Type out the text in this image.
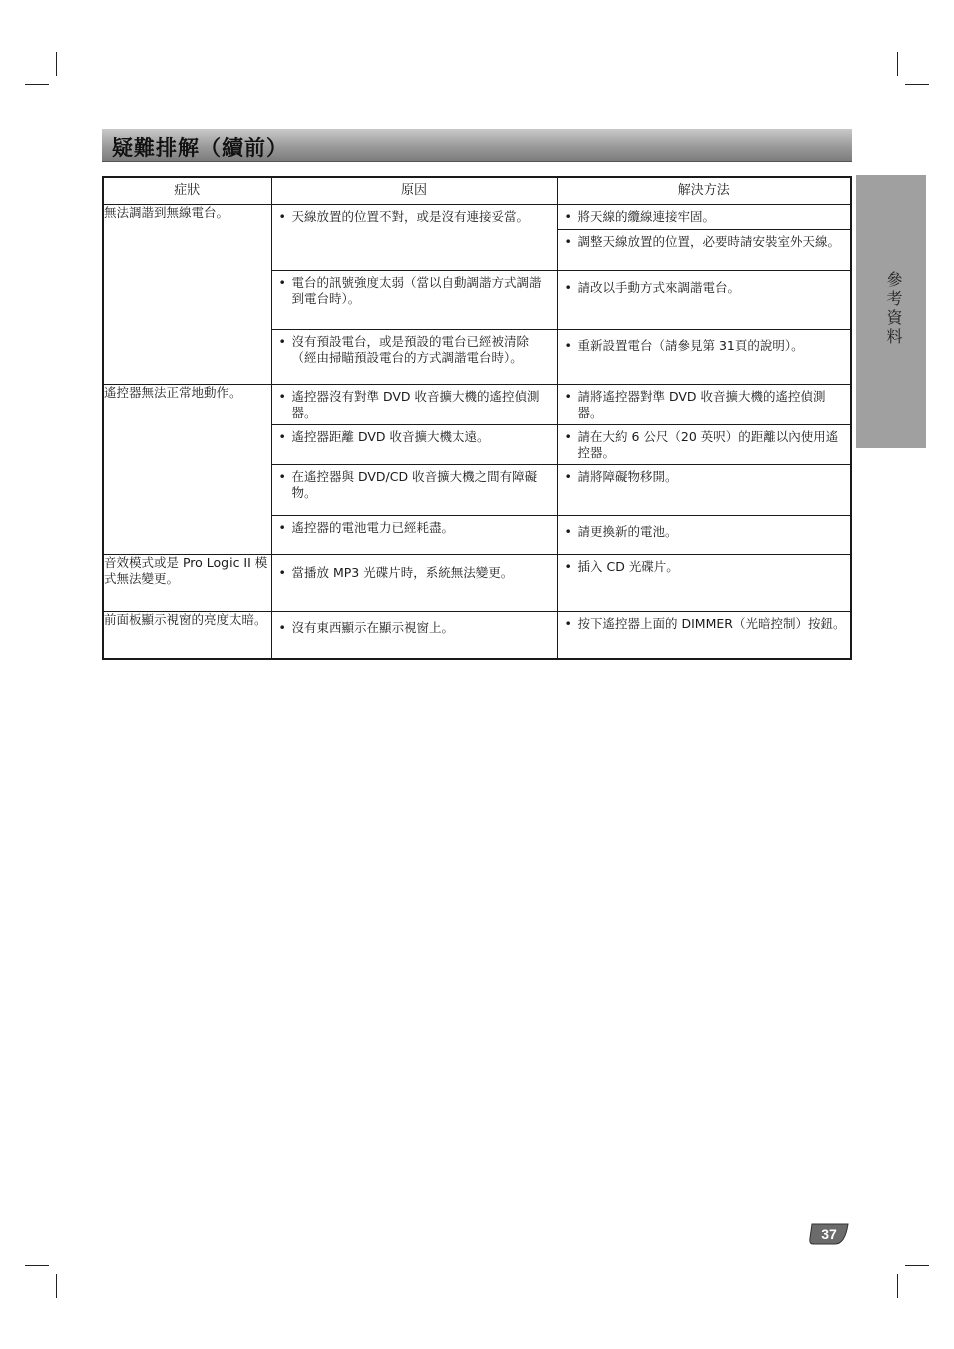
疑難排解（續前）
參考資料
症狀	原因	解決方法
無法調諧到無線電台。	• 天線放置的位置不對，或是沒有連接妥當。	• 將天線的纜線連接牢固。

		• 調整天線放置的位置，必要時請安裝室外天線。

	• 電台的訊號強度太弱（當以自動調諧方式調諧到電台時）。	• 請改以手動方式來調諧電台。

	• 沒有預設電台，或是預設的電台已經被清除（經由掃瞄預設電台的方式調諧電台時）。	• 重新設置電台（請參見第 31頁的說明）。

遙控器無法正常地動作。	• 遙控器沒有對準 DVD 收音擴大機的遙控偵測器。	• 請將遙控器對準 DVD 收音擴大機的遙控偵測器。

	• 遙控器距離 DVD 收音擴大機太遠。	• 請在大約 6 公尺（20 英呎）的距離以內使用遙控器。

	• 在遙控器與 DVD/CD 收音擴大機之間有障礙物。	• 請將障礙物移開。

	• 遙控器的電池電力已經耗盡。	• 請更換新的電池。

音效模式或是 Pro Logic II 模式無法變更。	• 當播放 MP3 光碟片時，系統無法變更。	• 插入 CD 光碟片。

前面板顯示視窗的亮度太暗。	• 沒有東西顯示在顯示視窗上。	• 按下遙控器上面的 DIMMER（光暗控制）按鈕。
37
